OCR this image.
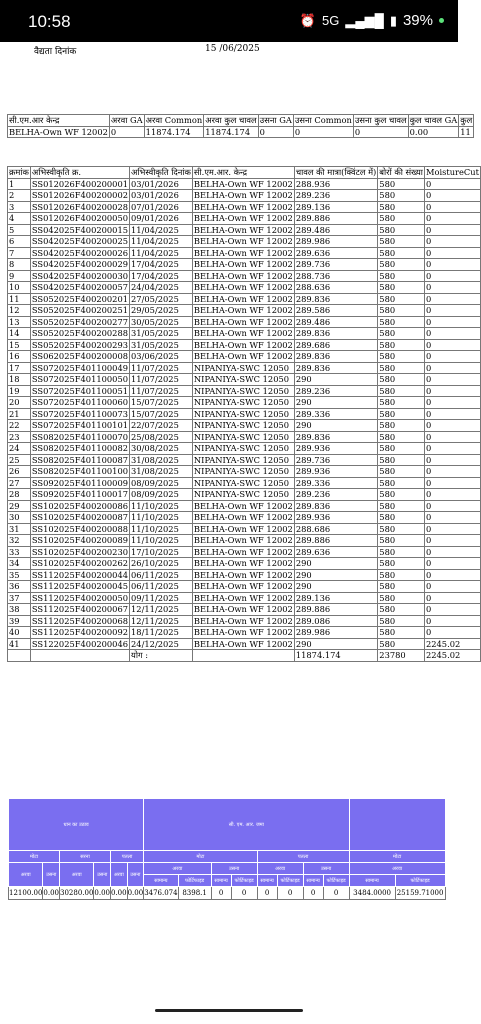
10:58	⏰ 5G ▂▄▆█ ▮ 39%
वैद्यता दिनांक	15 /06/2025
सी.एम.आर केन्द्र	अरवा GA	अरवा Common	अरवा कुल चावल	उसना GA	उसना Common	उसना कुल चावल	कुल चावल GA	कुल
BELHA-Own WF 12002	0	11874.174	11874.174	0	0	0	0.00	11
क्रमांक	अभिस्वीकृति क्र.	अभिस्वीकृति दिनांक	सी.एम.आर. केन्द्र	चावल की मात्रा(क्विंटल में)	बोरों की संख्या	MoistureCut
1	SS012026F400200001	03/01/2026	BELHA-Own WF 12002	288.936	580	0
2	SS012026F400200002	03/01/2026	BELHA-Own WF 12002	289.236	580	0
3	SS012026F400200028	07/01/2026	BELHA-Own WF 12002	289.136	580	0
4	SS012026F400200050	09/01/2026	BELHA-Own WF 12002	289.886	580	0
5	SS042025F400200015	11/04/2025	BELHA-Own WF 12002	289.486	580	0
6	SS042025F400200025	11/04/2025	BELHA-Own WF 12002	289.986	580	0
7	SS042025F400200026	11/04/2025	BELHA-Own WF 12002	289.636	580	0
8	SS042025F400200029	17/04/2025	BELHA-Own WF 12002	289.736	580	0
9	SS042025F400200030	17/04/2025	BELHA-Own WF 12002	288.736	580	0
10	SS042025F400200057	24/04/2025	BELHA-Own WF 12002	288.636	580	0
11	SS052025F400200201	27/05/2025	BELHA-Own WF 12002	289.836	580	0
12	SS052025F400200251	29/05/2025	BELHA-Own WF 12002	289.586	580	0
13	SS052025F400200277	30/05/2025	BELHA-Own WF 12002	289.486	580	0
14	SS052025F400200288	31/05/2025	BELHA-Own WF 12002	289.836	580	0
15	SS052025F400200293	31/05/2025	BELHA-Own WF 12002	289.686	580	0
16	SS062025F400200008	03/06/2025	BELHA-Own WF 12002	289.836	580	0
17	SS072025F401100049	11/07/2025	NIPANIYA-SWC 12050	289.836	580	0
18	SS072025F401100050	11/07/2025	NIPANIYA-SWC 12050	290	580	0
19	SS072025F401100051	11/07/2025	NIPANIYA-SWC 12050	289.236	580	0
20	SS072025F401100060	15/07/2025	NIPANIYA-SWC 12050	290	580	0
21	SS072025F401100073	15/07/2025	NIPANIYA-SWC 12050	289.336	580	0
22	SS072025F401100101	22/07/2025	NIPANIYA-SWC 12050	290	580	0
23	SS082025F401100070	25/08/2025	NIPANIYA-SWC 12050	289.836	580	0
24	SS082025F401100082	30/08/2025	NIPANIYA-SWC 12050	289.936	580	0
25	SS082025F401100087	31/08/2025	NIPANIYA-SWC 12050	289.736	580	0
26	SS082025F401100100	31/08/2025	NIPANIYA-SWC 12050	289.936	580	0
27	SS092025F401100009	08/09/2025	NIPANIYA-SWC 12050	289.336	580	0
28	SS092025F401100017	08/09/2025	NIPANIYA-SWC 12050	289.236	580	0
29	SS102025F400200086	11/10/2025	BELHA-Own WF 12002	289.836	580	0
30	SS102025F400200087	11/10/2025	BELHA-Own WF 12002	289.936	580	0
31	SS102025F400200088	11/10/2025	BELHA-Own WF 12002	288.686	580	0
32	SS102025F400200089	11/10/2025	BELHA-Own WF 12002	289.886	580	0
33	SS102025F400200230	17/10/2025	BELHA-Own WF 12002	289.636	580	0
34	SS102025F400200262	26/10/2025	BELHA-Own WF 12002	290	580	0
35	SS112025F400200044	06/11/2025	BELHA-Own WF 12002	290	580	0
36	SS112025F400200045	06/11/2025	BELHA-Own WF 12002	290	580	0
37	SS112025F400200050	09/11/2025	BELHA-Own WF 12002	289.136	580	0
38	SS112025F400200067	12/11/2025	BELHA-Own WF 12002	289.886	580	0
39	SS112025F400200068	12/11/2025	BELHA-Own WF 12002	289.086	580	0
40	SS112025F400200092	18/11/2025	BELHA-Own WF 12002	289.986	580	0
41	SS122025F400200046	24/12/2025	BELHA-Own WF 12002	290	580	2245.02
		योग :		11874.174	23780	2245.02
धान का उठाव						सी. एम. आर. जमा									
मोटा		सरना		पतला		मोटा				पतला				मोटा	
अरवा	उसना	अरवा	उसना	अरवा	उसना	अरवा		उसना		अरवा		उसना		अरवा	
						सामान्य	फोर्टिफाइड	सामान्य	फोर्टिफाइड	सामान्य	फोर्टिफाइड	सामान्य	फोर्टिफाइड	सामान्य	फोर्टिफाइड
12100.00	0.00	30280.00	0.00	0.00	0.00	3476.074	8398.1	0	0	0	0	0	0	3484.0000	25159.71000
